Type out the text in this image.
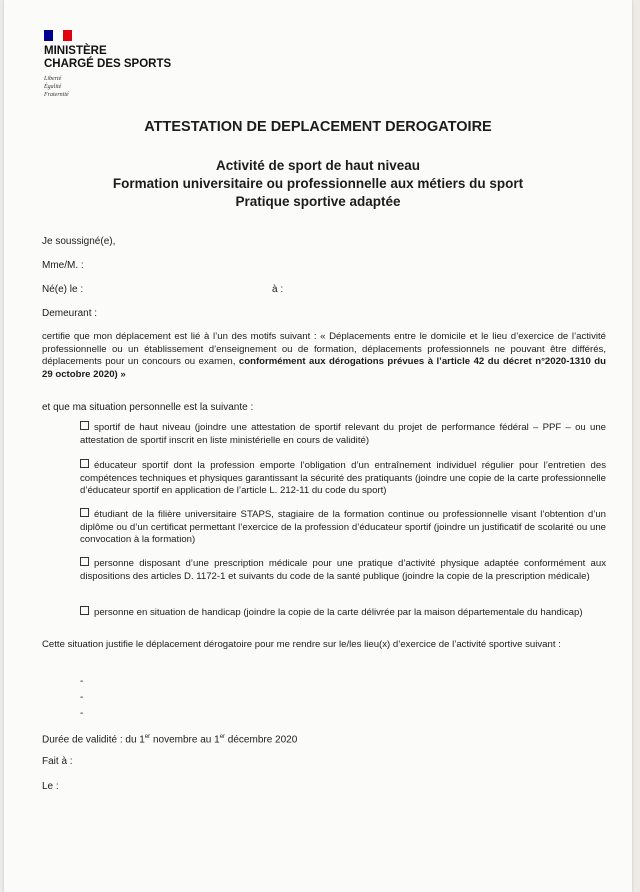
MINISTÈRE
CHARGÉ DES SPORTS
Liberté
Égalité
Fraternité
ATTESTATION DE DEPLACEMENT DEROGATOIRE
Activité de sport de haut niveau
Formation universitaire ou professionnelle aux métiers du sport
Pratique sportive adaptée
Je soussigné(e),
Mme/M. :
Né(e) le :	à :
Demeurant :
certifie que mon déplacement est lié à l’un des motifs suivant : « Déplacements entre le domicile et le lieu d’exercice de l’activité professionnelle ou un établissement d’enseignement ou de formation, déplacements professionnels ne pouvant être différés, déplacements pour un concours ou examen, conformément aux dérogations prévues à l’article 42 du décret n°2020-1310 du 29 octobre 2020) »
et que ma situation personnelle est la suivante :
sportif de haut niveau (joindre une attestation de sportif relevant du projet de performance fédéral – PPF – ou une attestation de sportif inscrit en liste ministérielle en cours de validité)
éducateur sportif dont la profession emporte l’obligation d’un entraînement individuel régulier pour l’entretien des compétences techniques et physiques garantissant la sécurité des pratiquants (joindre une copie de la carte professionnelle d’éducateur sportif en application de l’article L. 212-11 du code du sport)
étudiant de la filière universitaire STAPS, stagiaire de la formation continue ou professionnelle visant l’obtention d’un diplôme ou d’un certificat permettant l’exercice de la profession d’éducateur sportif (joindre un justificatif de scolarité ou une convocation à la formation)
personne disposant d’une prescription médicale pour une pratique d’activité physique adaptée conformément aux dispositions des articles D. 1172-1 et suivants du code de la santé publique (joindre la copie de la prescription médicale)
personne en situation de handicap (joindre la copie de la carte délivrée par la maison départementale du handicap)
Cette situation justifie le déplacement dérogatoire pour me rendre sur le/les lieu(x) d’exercice de l’activité sportive suivant :
-
-
-
Durée de validité : du 1er novembre au 1er décembre 2020
Fait à :
Le :
